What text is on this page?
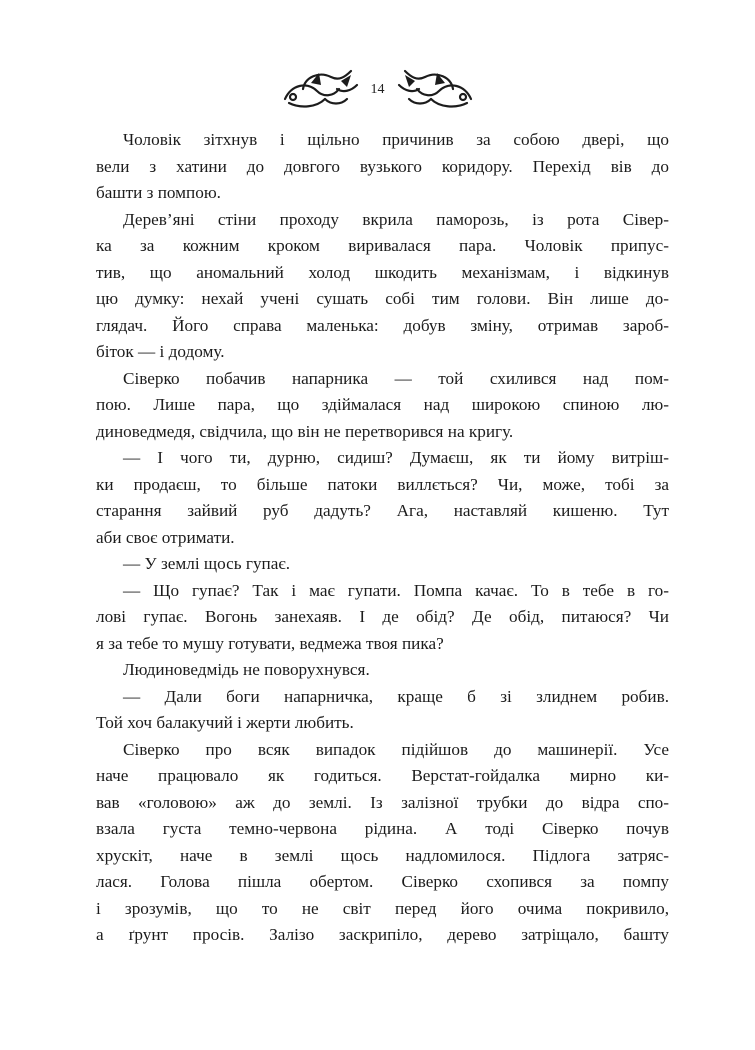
14
Чоловік зітхнув і щільно причинив за собою двері, що
вели з хатини до довгого вузького коридору. Перехід вів до
башти з помпою.
Дерев’яні стіни проходу вкрила паморозь, із рота Сівер-
ка за кожним кроком виривалася пара. Чоловік припус-
тив, що аномальний холод шкодить механізмам, і відкинув
цю думку: нехай учені сушать собі тим голови. Він лише до-
глядач. Його справа маленька: добув зміну, отримав зароб-
біток — і додому.
Сіверко побачив напарника — той схилився над пом-
пою. Лише пара, що здіймалася над широкою спиною лю-
диноведмедя, свідчила, що він не перетворився на кригу.
— І чого ти, дурню, сидиш? Думаєш, як ти йому витріш-
ки продаєш, то більше патоки виллється? Чи, може, тобі за
старання зайвий руб дадуть? Ага, наставляй кишеню. Тут
аби своє отримати.
— У землі щось гупає.
— Що гупає? Так і має гупати. Помпа качає. То в тебе в го-
лові гупає. Вогонь занехаяв. І де обід? Де обід, питаюся? Чи
я за тебе то мушу готувати, ведмежа твоя пика?
Людиноведмідь не поворухнувся.
— Дали боги напарничка, краще б зі злиднем робив.
Той хоч балакучий і жерти любить.
Сіверко про всяк випадок підійшов до машинерії. Усе
наче працювало як годиться. Верстат-гойдалка мирно ки-
вав «головою» аж до землі. Із залізної трубки до відра спо-
взала густа темно-червона рідина. А тоді Сіверко почув
хрускіт, наче в землі щось надломилося. Підлога затряс-
лася. Голова пішла обертом. Сіверко схопився за помпу
і зрозумів, що то не світ перед його очима покривило,
а ґрунт просів. Залізо заскрипіло, дерево затріщало, башту
